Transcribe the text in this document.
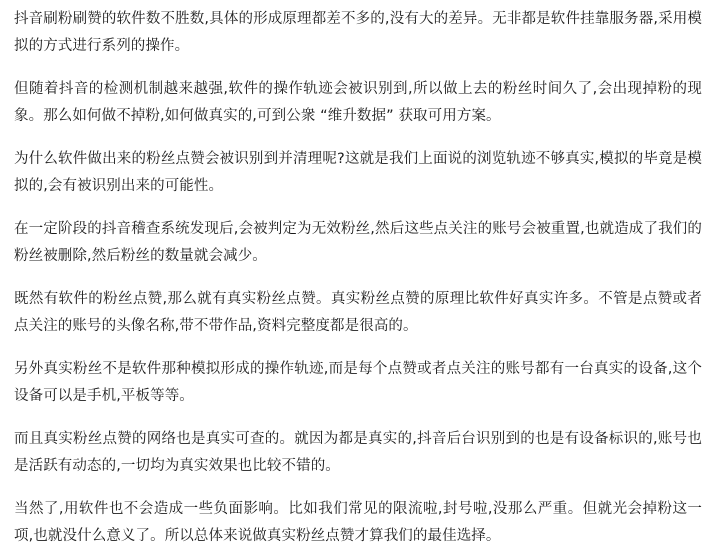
抖音刷粉刷赞的软件数不胜数,具体的形成原理都差不多的,没有大的差异。无非都是软件挂靠服务器,采用模拟的方式进行系列的操作。

但随着抖音的检测机制越来越强,软件的操作轨迹会被识别到,所以做上去的粉丝时间久了,会出现掉粉的现象。那么如何做不掉粉,如何做真实的,可到公衆 “维升数据” 获取可用方案。

为什么软件做出来的粉丝点赞会被识别到并清理呢?这就是我们上面说的浏览轨迹不够真实,模拟的毕竟是模拟的,会有被识别出来的可能性。

在一定阶段的抖音稽查系统发现后,会被判定为无效粉丝,然后这些点关注的账号会被重置,也就造成了我们的粉丝被删除,然后粉丝的数量就会减少。

既然有软件的粉丝点赞,那么就有真实粉丝点赞。真实粉丝点赞的原理比软件好真实许多。不管是点赞或者点关注的账号的头像名称,带不带作品,资料完整度都是很高的。

另外真实粉丝不是软件那种模拟形成的操作轨迹,而是每个点赞或者点关注的账号都有一台真实的设备,这个设备可以是手机,平板等等。

而且真实粉丝点赞的网络也是真实可查的。就因为都是真实的,抖音后台识别到的也是有设备标识的,账号也是活跃有动态的,一切均为真实效果也比较不错的。

当然了,用软件也不会造成一些负面影响。比如我们常见的限流啦,封号啦,没那么严重。但就光会掉粉这一项,也就没什么意义了。所以总体来说做真实粉丝点赞才算我们的最佳选择。
